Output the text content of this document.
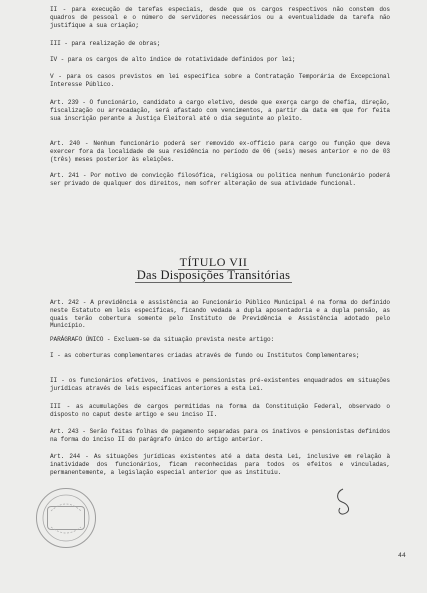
II - para execução de tarefas especiais, desde que os cargos respectivos não constem dos quadros de pessoal e o número de servidores necessários ou a eventualidade da tarefa não justifique a sua criação;

III - para realização de obras;

IV - para os cargos de alto índice de rotatividade definidos por lei;

V - para os casos previstos em lei específica sobre a Contratação Temporária de Excepcional Interesse Público.

Art. 239 - O funcionário, candidato a cargo eletivo, desde que exerça cargo de chefia, direção, fiscalização ou arrecadação, será afastado com vencimentos, a partir da data em que for feita sua inscrição perante a Justiça Eleitoral até o dia seguinte ao pleito.

Art. 240 - Nenhum funcionário poderá ser removido ex-officio para cargo ou função que deva exercer fora da localidade de sua residência no período de 06 (seis) meses anterior e no de 03 (três) meses posterior às eleições.

Art. 241 - Por motivo de convicção filosófica, religiosa ou política nenhum funcionário poderá ser privado de qualquer dos direitos, nem sofrer alteração de sua atividade funcional.

TÍTULO VII
Das Disposições Transitórias

Art. 242 - A previdência e assistência ao Funcionário Público Municipal é na forma do definido neste Estatuto em leis específicas, ficando vedada a dupla aposentadoria e a dupla pensão, as quais terão cobertura somente pelo Instituto de Previdência e Assistência adotado pelo Município.

PARÁGRAFO ÚNICO - Excluem-se da situação prevista neste artigo:

I - as coberturas complementares criadas através de fundo ou Institutos Complementares;

II - os funcionários efetivos, inativos e pensionistas pré-existentes enquadrados em situações jurídicas através de leis específicas anteriores a esta Lei.

III - as acumulações de cargos permitidas na forma da Constituição Federal, observado o disposto no caput deste artigo e seu inciso II.

Art. 243 - Serão feitas folhas de pagamento separadas para os inativos e pensionistas definidos na forma do inciso II do parágrafo único do artigo anterior.

Art. 244 - As situações jurídicas existentes até a data desta Lei, inclusive em relação à inatividade dos funcionários, ficam reconhecidas para todos os efeitos e vinculadas, permanentemente, a legislação especial anterior que as instituiu.

44
